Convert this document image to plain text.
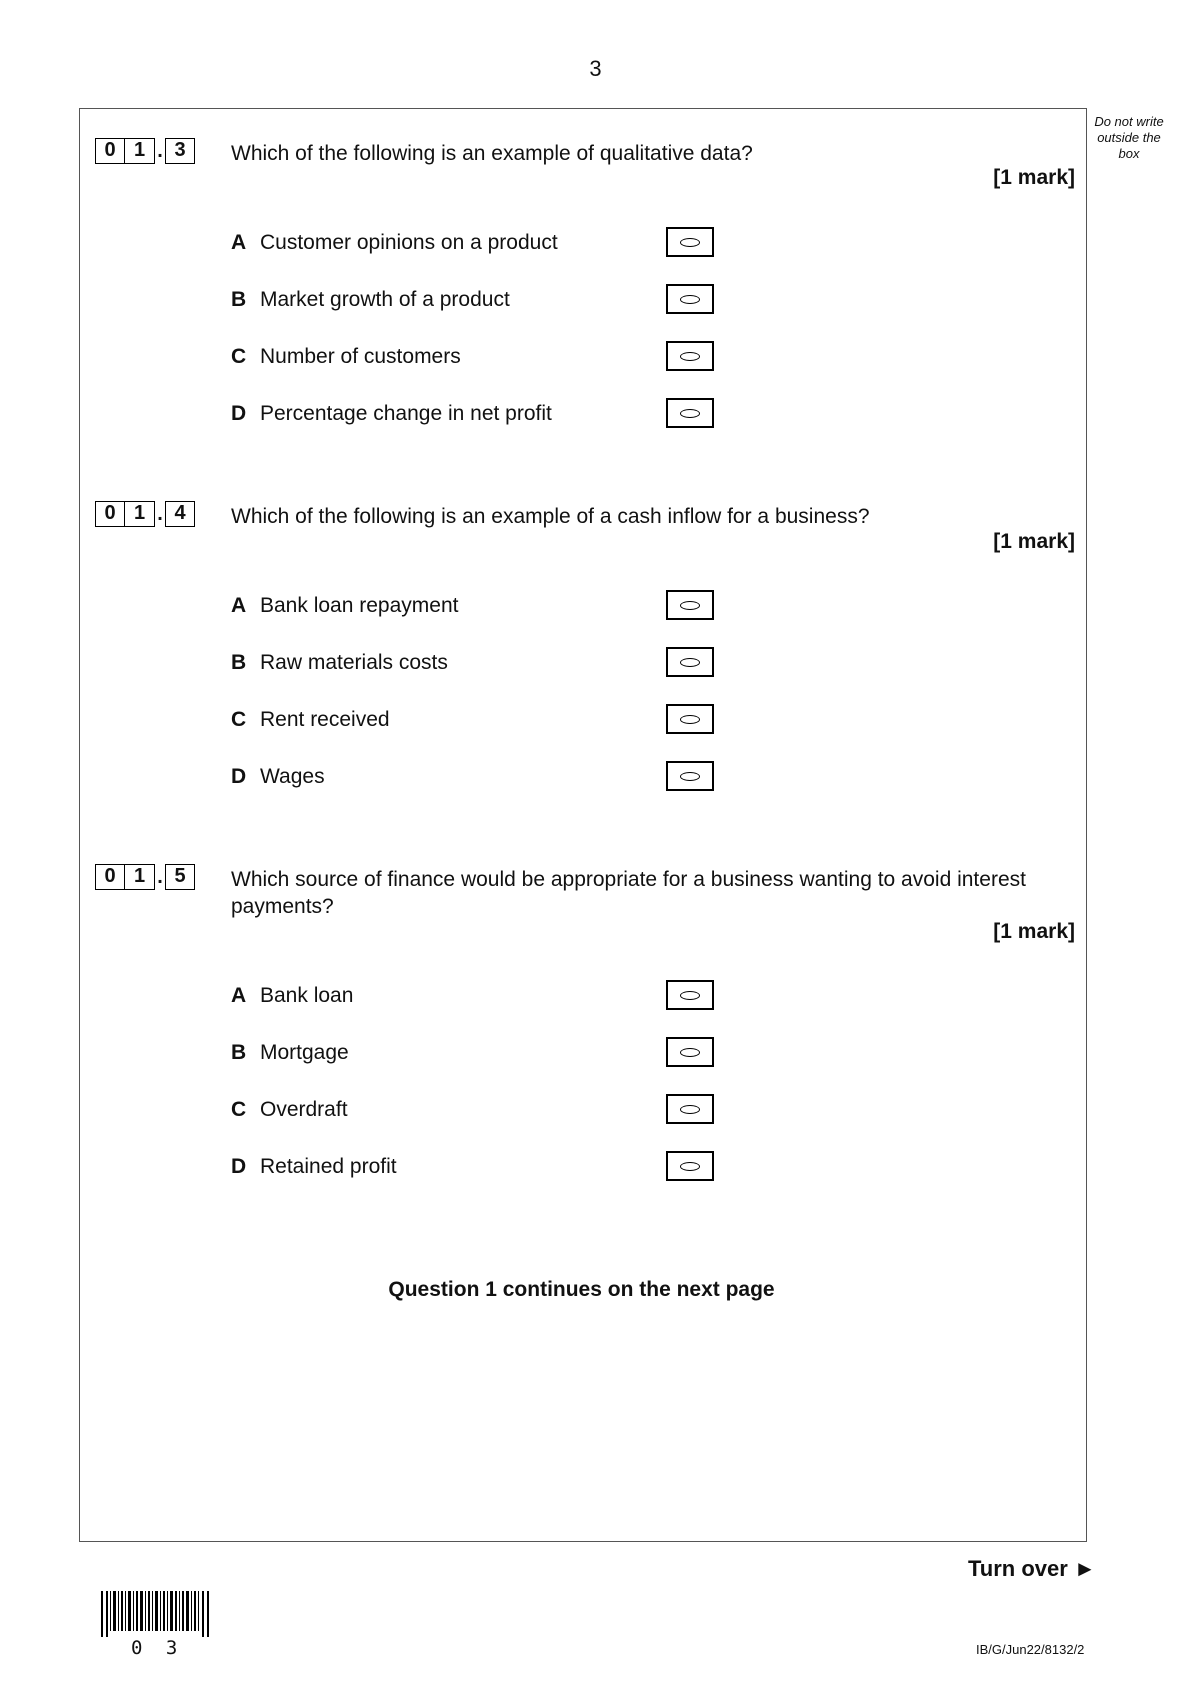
3
Do not write outside the box
0 1 . 3	Which of the following is an example of qualitative data?
[1 mark]
A Customer opinions on a product
B Market growth of a product
C Number of customers
D Percentage change in net profit
0 1 . 4	Which of the following is an example of a cash inflow for a business?
[1 mark]
A Bank loan repayment
B Raw materials costs
C Rent received
D Wages
0 1 . 5	Which source of finance would be appropriate for a business wanting to avoid interest payments?
[1 mark]
A Bank loan
B Mortgage
C Overdraft
D Retained profit
Question 1 continues on the next page
Turn over ►
0 3	IB/G/Jun22/8132/2
